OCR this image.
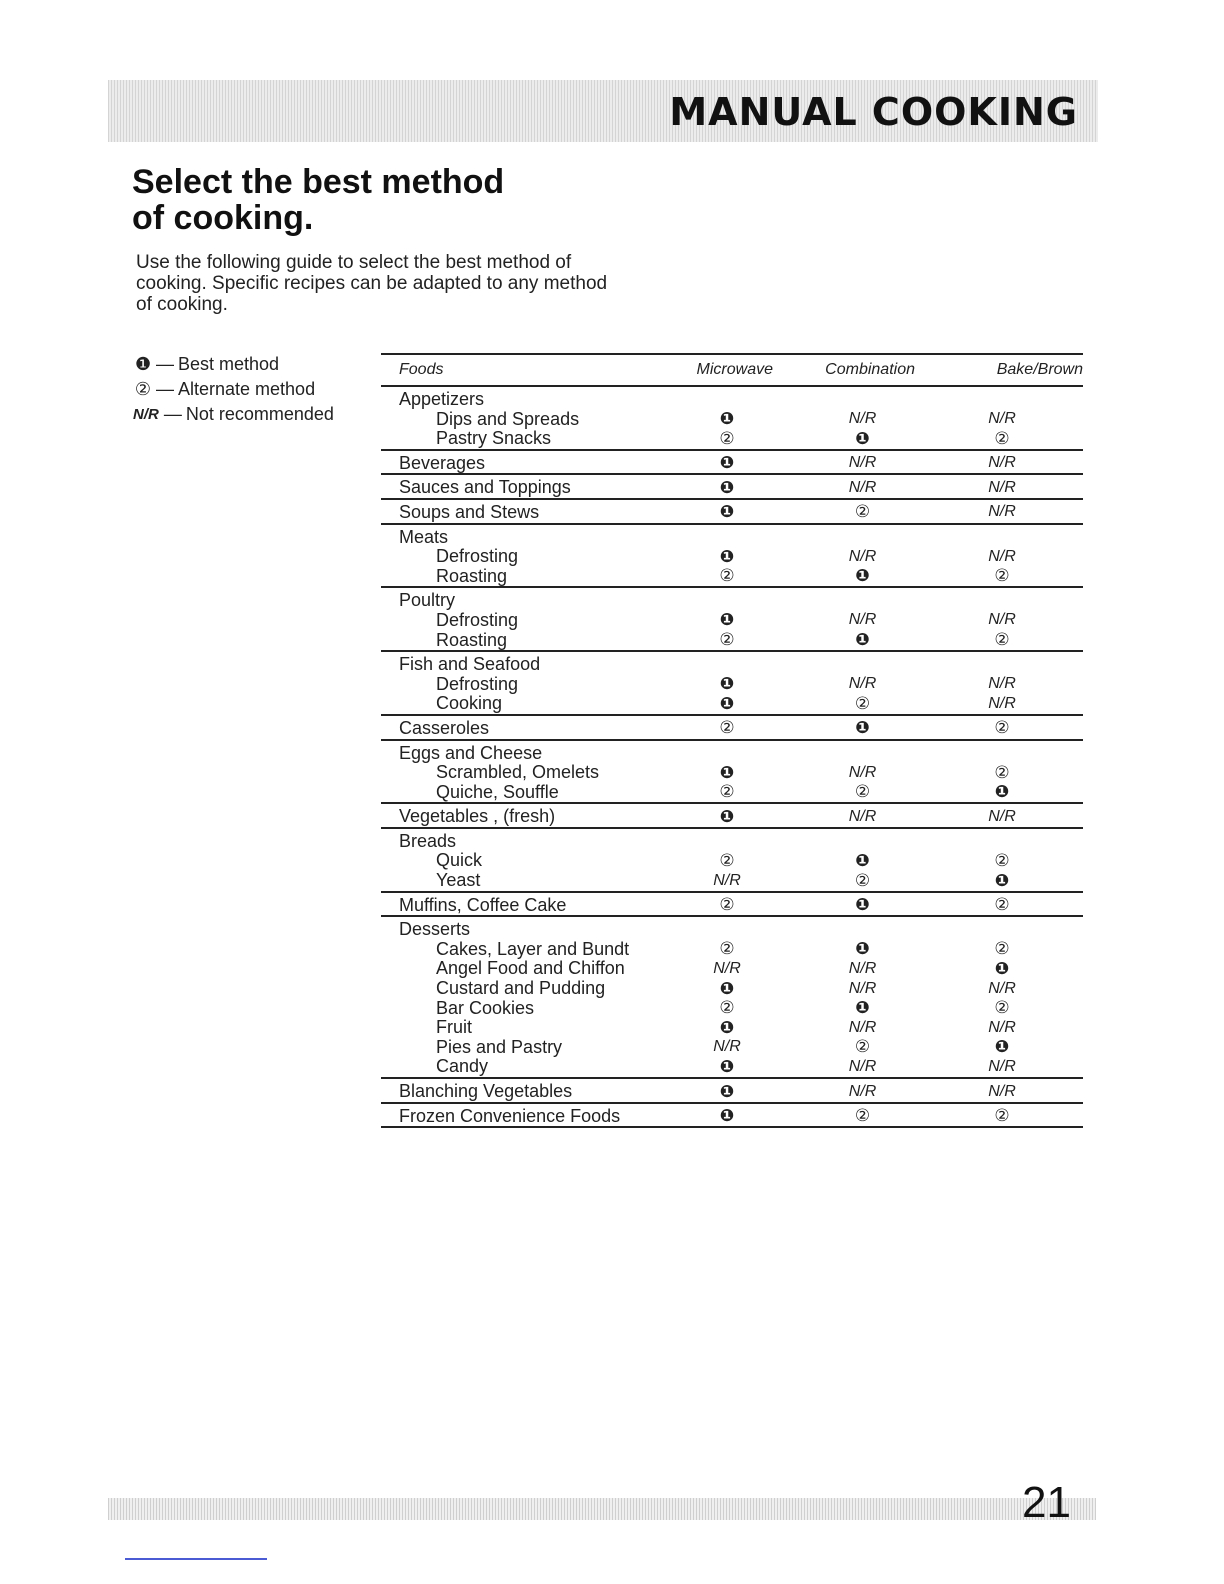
MANUAL COOKING
Select the best method
of cooking.

Use the following guide to select the best method of cooking. Specific recipes can be adapted to any method of cooking.

❶ — Best method
② — Alternate method
N/R — Not recommended
Foods	Microwave	Combination	Bake/Brown
Appetizers
Dips and Spreads	❶	N/R	N/R
Pastry Snacks	②	❶	②
Beverages	❶	N/R	N/R
Sauces and Toppings	❶	N/R	N/R
Soups and Stews	❶	②	N/R
Meats
Defrosting	❶	N/R	N/R
Roasting	②	❶	②
Poultry
Defrosting	❶	N/R	N/R
Roasting	②	❶	②
Fish and Seafood
Defrosting	❶	N/R	N/R
Cooking	❶	②	N/R
Casseroles	②	❶	②
Eggs and Cheese
Scrambled, Omelets	❶	N/R	②
Quiche, Souffle	②	②	❶
Vegetables , (fresh)	❶	N/R	N/R
Breads
Quick	②	❶	②
Yeast	N/R	②	❶
Muffins, Coffee Cake	②	❶	②
Desserts
Cakes, Layer and Bundt	②	❶	②
Angel Food and Chiffon	N/R	N/R	❶
Custard and Pudding	❶	N/R	N/R
Bar Cookies	②	❶	②
Fruit	❶	N/R	N/R
Pies and Pastry	N/R	②	❶
Candy	❶	N/R	N/R
Blanching Vegetables	❶	N/R	N/R
Frozen Convenience Foods	❶	②	②
21
